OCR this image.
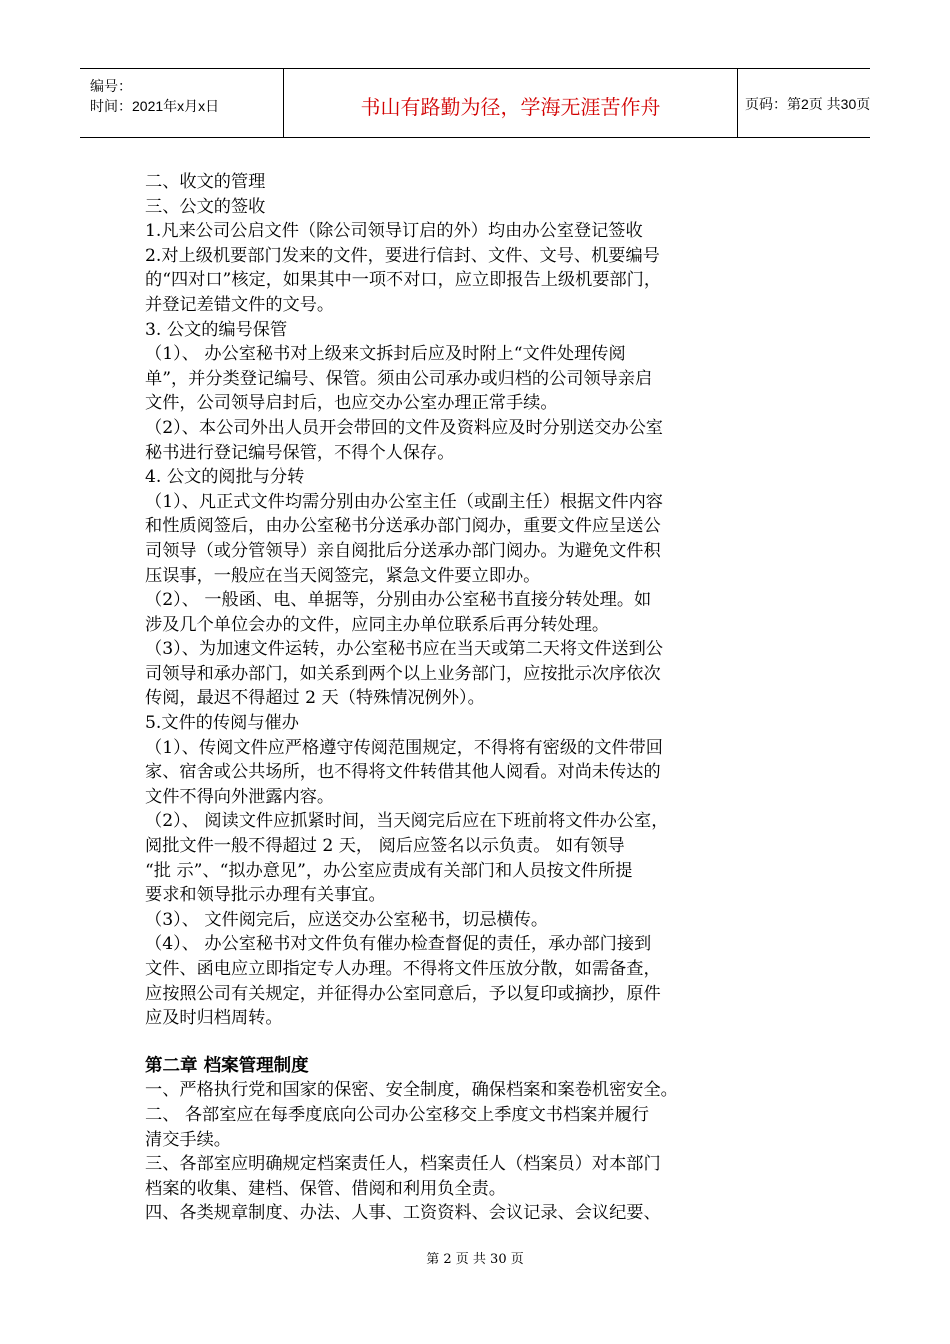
编号：
时间：2021年x月x日	书山有路勤为径，学海无涯苦作舟	页码：第2页 共30页

二、收文的管理

三、公文的签收

1.凡来公司公启文件（除公司领导订启的外）均由办公室登记签收

2.对上级机要部门发来的文件，要进行信封、文件、文号、机要编号

的“四对口”核定，如果其中一项不对口，应立即报告上级机要部门，

并登记差错文件的文号。

3. 公文的编号保管

（1）、 办公室秘书对上级来文拆封后应及时附上“文件处理传阅

单”，并分类登记编号、保管。须由公司承办或归档的公司领导亲启

文件，公司领导启封后，也应交办公室办理正常手续。

（2）、本公司外出人员开会带回的文件及资料应及时分别送交办公室

秘书进行登记编号保管，不得个人保存。

4. 公文的阅批与分转

（1）、凡正式文件均需分别由办公室主任（或副主任）根据文件内容

和性质阅签后，由办公室秘书分送承办部门阅办，重要文件应呈送公

司领导（或分管领导）亲自阅批后分送承办部门阅办。为避免文件积

压误事，一般应在当天阅签完，紧急文件要立即办。

（2）、 一般函、电、单据等，分别由办公室秘书直接分转处理。如

涉及几个单位会办的文件，应同主办单位联系后再分转处理。

（3）、为加速文件运转，办公室秘书应在当天或第二天将文件送到公

司领导和承办部门，如关系到两个以上业务部门，应按批示次序依次

传阅，最迟不得超过 2 天（特殊情况例外）。

5.文件的传阅与催办

（1）、传阅文件应严格遵守传阅范围规定，不得将有密级的文件带回

家、宿舍或公共场所，也不得将文件转借其他人阅看。对尚未传达的

文件不得向外泄露内容。

（2）、 阅读文件应抓紧时间，当天阅完后应在下班前将文件办公室，

阅批文件一般不得超过 2 天， 阅后应签名以示负责。 如有领导

“批 示”、“拟办意见”，办公室应责成有关部门和人员按文件所提

要求和领导批示办理有关事宜。

（3）、 文件阅完后，应送交办公室秘书，切忌横传。

（4）、 办公室秘书对文件负有催办检查督促的责任，承办部门接到

文件、函电应立即指定专人办理。不得将文件压放分散，如需备查，

应按照公司有关规定，并征得办公室同意后，予以复印或摘抄，原件

应及时归档周转。

第二章 档案管理制度

一、严格执行党和国家的保密、安全制度，确保档案和案卷机密安全。

二、 各部室应在每季度底向公司办公室移交上季度文书档案并履行

清交手续。

三、各部室应明确规定档案责任人，档案责任人（档案员）对本部门

档案的收集、建档、保管、借阅和利用负全责。

四、各类规章制度、办法、人事、工资资料、会议记录、会议纪要、

第 2 页 共 30 页
